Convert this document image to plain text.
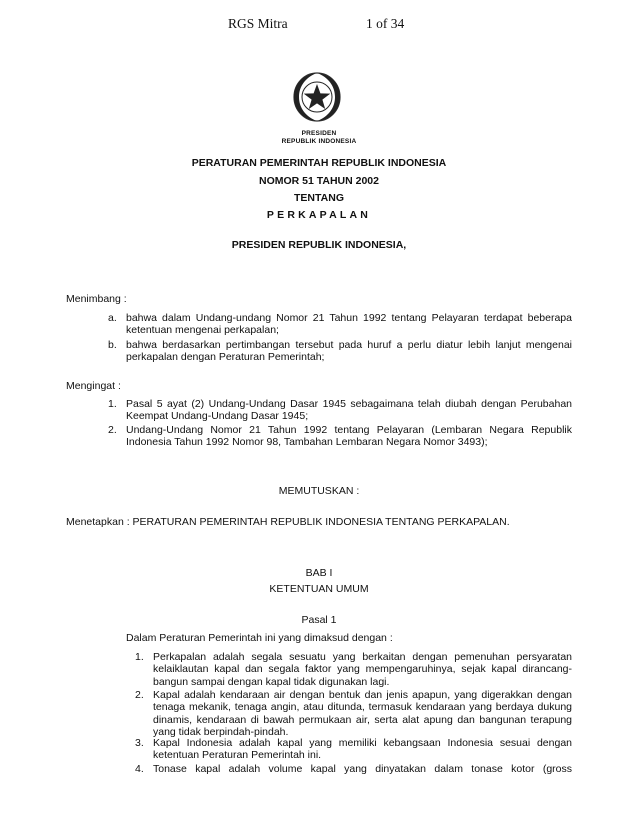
RGS Mitra	1 of 34
PRESIDEN
REPUBLIK INDONESIA
PERATURAN PEMERINTAH REPUBLIK INDONESIA
NOMOR 51 TAHUN 2002
TENTANG
PERKAPALAN
PRESIDEN REPUBLIK INDONESIA,
Menimbang :
a. bahwa dalam Undang-undang Nomor 21 Tahun 1992 tentang Pelayaran terdapat beberapa ketentuan mengenai perkapalan;
b. bahwa berdasarkan pertimbangan tersebut pada huruf a perlu diatur lebih lanjut mengenai perkapalan dengan Peraturan Pemerintah;
Mengingat :
1. Pasal 5 ayat (2) Undang-Undang Dasar 1945 sebagaimana telah diubah dengan Perubahan Keempat Undang-Undang Dasar 1945;
2. Undang-Undang Nomor 21 Tahun 1992 tentang Pelayaran (Lembaran Negara Republik Indonesia Tahun 1992 Nomor 98, Tambahan Lembaran Negara Nomor 3493);
MEMUTUSKAN :
Menetapkan : PERATURAN PEMERINTAH REPUBLIK INDONESIA TENTANG PERKAPALAN.
BAB I
KETENTUAN UMUM
Pasal 1
Dalam Peraturan Pemerintah ini yang dimaksud dengan :
1. Perkapalan adalah segala sesuatu yang berkaitan dengan pemenuhan persyaratan kelaiklautan kapal dan segala faktor yang mempengaruhinya, sejak kapal dirancang-bangun sampai dengan kapal tidak digunakan lagi.
2. Kapal adalah kendaraan air dengan bentuk dan jenis apapun, yang digerakkan dengan tenaga mekanik, tenaga angin, atau ditunda, termasuk kendaraan yang berdaya dukung dinamis, kendaraan di bawah permukaan air, serta alat apung dan bangunan terapung yang tidak berpindah-pindah.
3. Kapal Indonesia adalah kapal yang memiliki kebangsaan Indonesia sesuai dengan ketentuan Peraturan Pemerintah ini.
4. Tonase kapal adalah volume kapal yang dinyatakan dalam tonase kotor (gross
